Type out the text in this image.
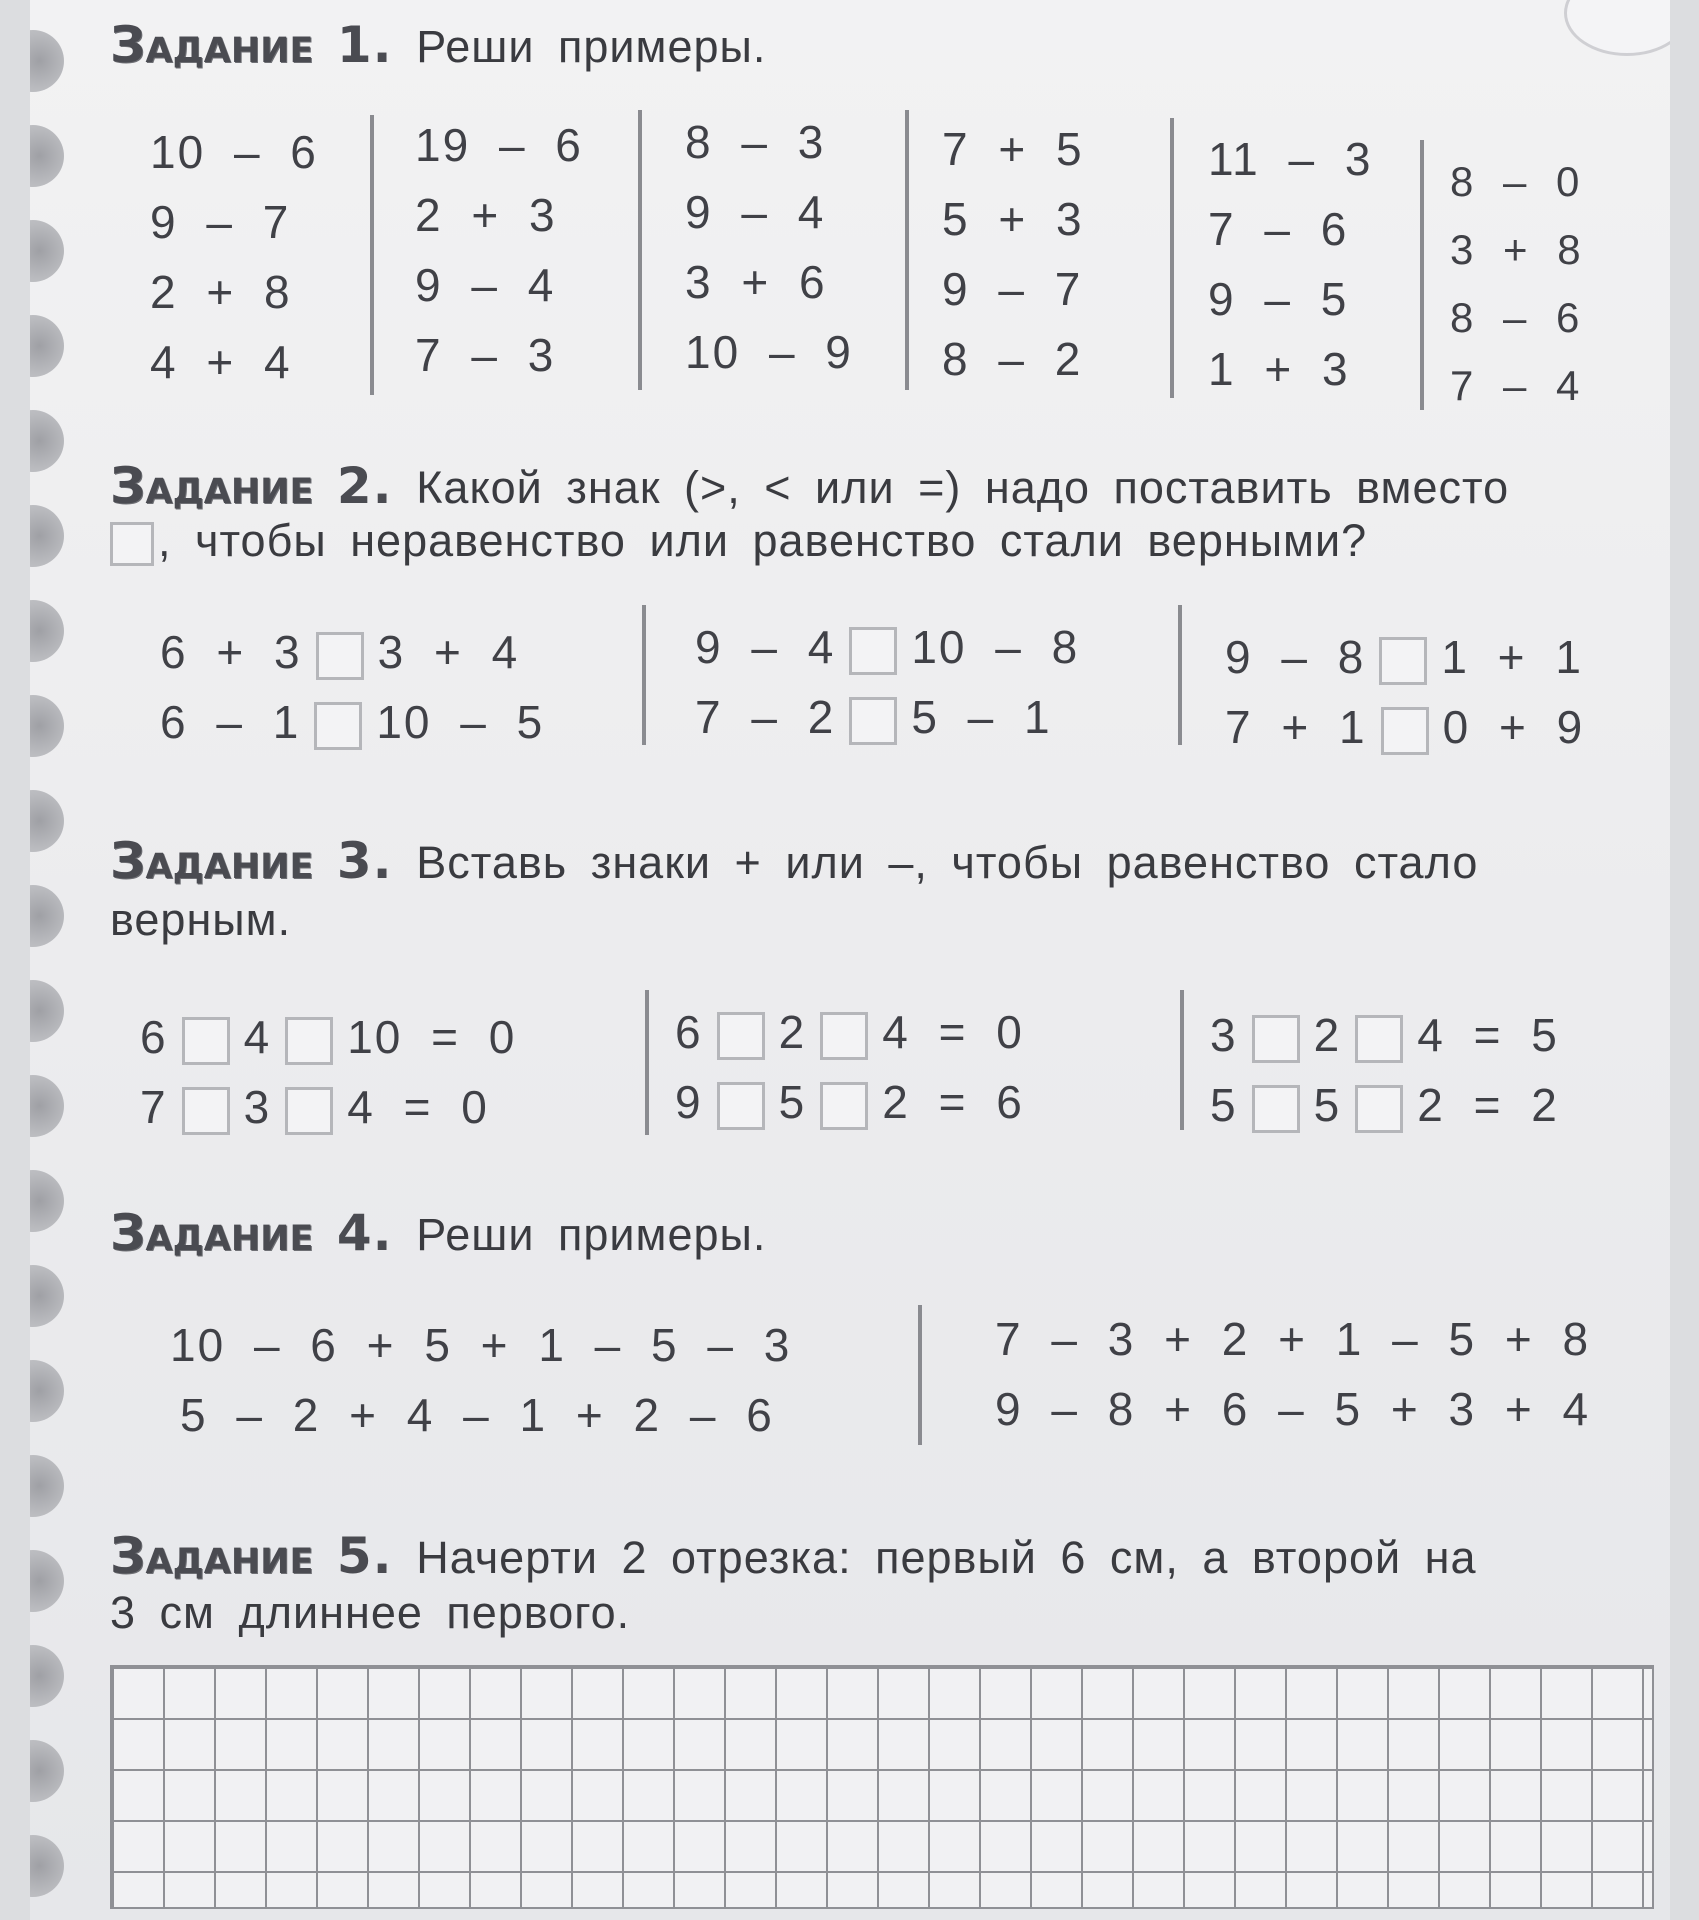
Задание 1. Реши примеры.
10 – 6
9 – 7
2 + 8
4 + 4
19 – 6
2 + 3
9 – 4
7 – 3
8 – 3
9 – 4
3 + 6
10 – 9
7 + 5
5 + 3
9 – 7
8 – 2
11 – 3
7 – 6
9 – 5
1 + 3
8 – 0
3 + 8
8 – 6
7 – 4
Задание 2. Какой знак (>, < или =) надо поставить вместо
, чтобы неравенство или равенство стали верными?
6 + 3 3 + 4
6 – 1 10 – 5
9 – 4 10 – 8
7 – 2 5 – 1
9 – 8 1 + 1
7 + 1 0 + 9
Задание 3. Вставь знаки + или –, чтобы равенство стало
верным.
6 4 10 = 0
7 3 4 = 0
6 2 4 = 0
9 5 2 = 6
3 2 4 = 5
5 5 2 = 2
Задание 4. Реши примеры.
10 – 6 + 5 + 1 – 5 – 3
5 – 2 + 4 – 1 + 2 – 6
7 – 3 + 2 + 1 – 5 + 8
9 – 8 + 6 – 5 + 3 + 4
Задание 5. Начерти 2 отрезка: первый 6 см, а второй на
3 см длиннее первого.
